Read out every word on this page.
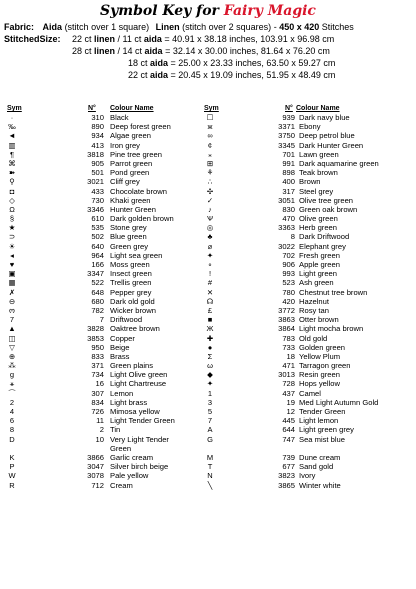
Symbol Key for Fairy Magic
Fabric: Aida (stitch over 1 square) Linen (stitch over 2 squares) - 450 x 420 Stitches
StitchedSize: 22 ct linen / 11 ct aida = 40.91 x 38.18 inches, 103.91 x 96.98 cm
28 ct linen / 14 ct aida = 32.14 x 30.00 inches, 81.64 x 76.20 cm
18 ct aida = 25.00 x 23.33 inches, 63.50 x 59.27 cm
22 ct aida = 20.45 x 19.09 inches, 51.95 x 48.49 cm
Sym	N° Colour Name	Sym	N° Colour Name
·	310 Black
‰	890 Deep forest green
◄	934 Algae green
▥	413 Iron grey
¶	3818 Pine tree green
⌘	905 Parrot green
➽	501 Pond green
⚲	3021 Cliff grey
◘	433 Chocolate brown
◇	730 Khaki green
Ω	3346 Hunter Green
§	610 Dark golden brown
★	535 Stone grey
⊃	502 Blue green
☀	640 Green grey
◂	964 Light sea green
♥	166 Moss green
▣	3347 Insect green
▦	522 Trellis green
✗	648 Pepper grey
⊖	680 Dark old gold
ო	782 Wicker brown
7	7 Driftwood
▲	3828 Oaktree brown
◫	3853 Copper
▽	950 Beige
⊕	833 Brass
⁂	371 Green plains
g	734 Light Olive green
⚹	16 Light Chartreuse
⌒	307 Lemon
2	834 Light brass
4	726 Mimosa yellow
6	11 Light Tender Green
8	2 Tin
D	10 Very Light Tender
Green
K	3866 Garlic cream
P	3047 Silver birch beige
W	3078 Pale yellow
R	712 Cream
☐	939 Dark navy blue
ж	3371 Ebony
∞	3750 Deep petrol blue
¢	3345 Dark Hunter Green
⁎	701 Lawn green
⊞	991 Dark aquamarine green
⚘	898 Teak brown
∴	400 Brown
✣	317 Steel grey
✓	3051 Olive tree green
♪	830 Green oak brown
Ѱ	470 Olive green
◎	3363 Herb green
♣	8 Dark Driftwood
⌀	3022 Elephant grey
✦	702 Fresh green
∘	906 Apple green
!	993 Light green
#	523 Ash green
✕	780 Chestnut tree brown
☊	420 Hazelnut
£	3772 Rosy tan
■	3863 Otter brown
Ж	3864 Light mocha brown
✚	783 Old gold
●	733 Golden green
Σ	18 Yellow Plum
ω	471 Tarragon green
◆	3013 Resin green
✦	728 Hops yellow
1	437 Camel
3	19 Med Light Autumn Gold
5	12 Tender Green
7	445 Light lemon
A	644 Light green grey
G	747 Sea mist blue
M	739 Dune cream
T	677 Sand gold
N	3823 Ivory
╲	3865 Winter white
